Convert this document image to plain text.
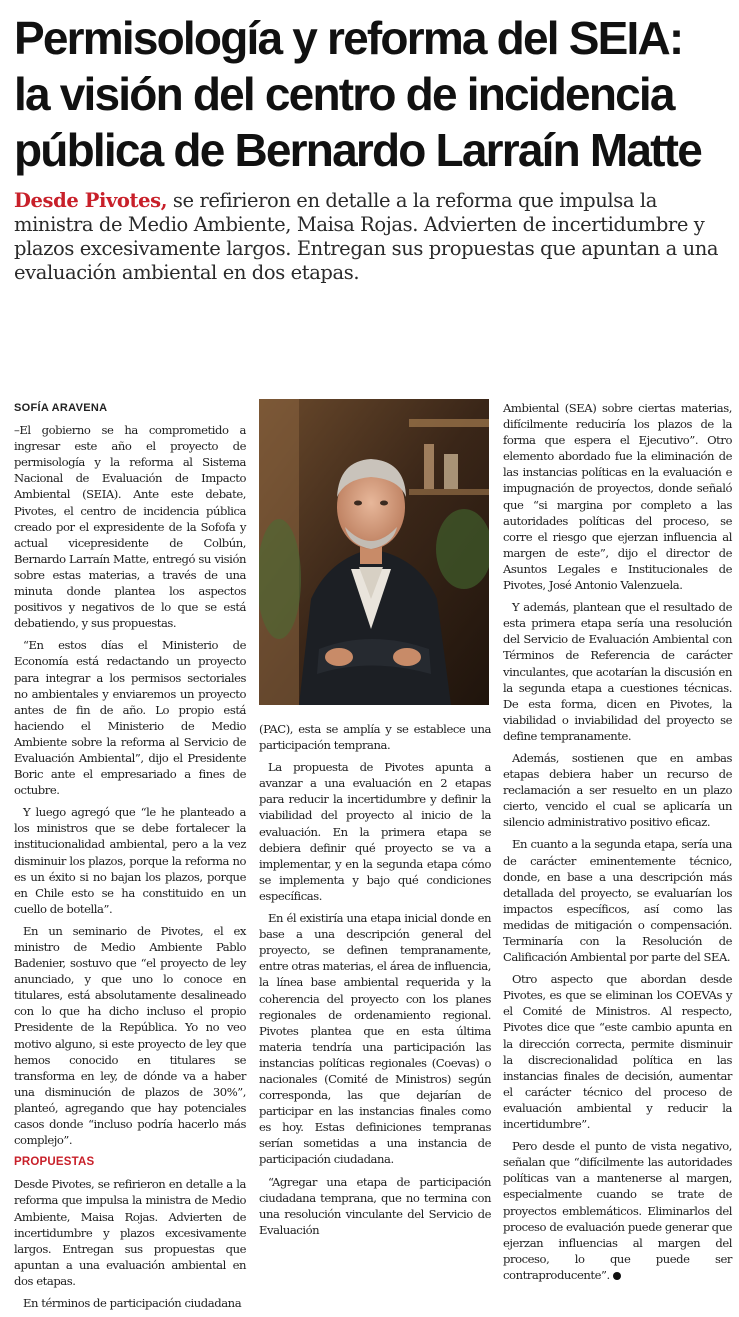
Permisología y reforma del SEIA:
la visión del centro de incidencia
pública de Bernardo Larraín Matte

Desde Pivotes, se refirieron en detalle a la reforma que impulsa la ministra de Medio Ambiente, Maisa Rojas. Advierten de incertidumbre y plazos excesivamente largos. Entregan sus propuestas que apuntan a una evaluación ambiental en dos etapas.

SOFÍA ARAVENA

–El gobierno se ha comprometido a ingresar este año el proyecto de permisología y la reforma al Sistema Nacional de Evaluación de Impacto Ambiental (SEIA). Ante este debate, Pivotes, el centro de incidencia pública creado por el expresidente de la Sofofa y actual vicepresidente de Colbún, Bernardo Larraín Matte, entregó su visión sobre estas materias, a través de una minuta donde plantea los aspectos positivos y negativos de lo que se está debatiendo, y sus propuestas.

“En estos días el Ministerio de Economía está redactando un proyecto para integrar a los permisos sectoriales no ambientales y enviaremos un proyecto antes de fin de año. Lo propio está haciendo el Ministerio de Medio Ambiente sobre la reforma al Servicio de Evaluación Ambiental”, dijo el Presidente Boric ante el empresariado a fines de octubre.

Y luego agregó que “le he planteado a los ministros que se debe fortalecer la institucionalidad ambiental, pero a la vez disminuir los plazos, porque la reforma no es un éxito si no bajan los plazos, porque en Chile esto se ha constituido en un cuello de botella”.

En un seminario de Pivotes, el ex ministro de Medio Ambiente Pablo Badenier, sostuvo que “el proyecto de ley anunciado, y que uno lo conoce en titulares, está absolutamente desalineado con lo que ha dicho incluso el propio Presidente de la República. Yo no veo motivo alguno, si este proyecto de ley que hemos conocido en titulares se transforma en ley, de dónde va a haber una disminución de plazos de 30%”, planteó, agregando que hay potenciales casos donde “incluso podría hacerlo más complejo”.

PROPUESTAS

Desde Pivotes, se refirieron en detalle a la reforma que impulsa la ministra de Medio Ambiente, Maisa Rojas. Advierten de incertidumbre y plazos excesivamente largos. Entregan sus propuestas que apuntan a una evaluación ambiental en dos etapas.

En términos de participación ciudadana

(PAC), esta se amplía y se establece una participación temprana.

La propuesta de Pivotes apunta a avanzar a una evaluación en 2 etapas para reducir la incertidumbre y definir la viabilidad del proyecto al inicio de la evaluación. En la primera etapa se debiera definir qué proyecto se va a implementar, y en la segunda etapa cómo se implementa y bajo qué condiciones específicas.

En él existiría una etapa inicial donde en base a una descripción general del proyecto, se definen tempranamente, entre otras materias, el área de influencia, la línea base ambiental requerida y la coherencia del proyecto con los planes regionales de ordenamiento regional. Pivotes plantea que en esta última materia tendría una participación las instancias políticas regionales (Coevas) o nacionales (Comité de Ministros) según corresponda, las que dejarían de participar en las instancias finales como es hoy. Estas definiciones tempranas serían sometidas a una instancia de participación ciudadana.

“Agregar una etapa de participación ciudadana temprana, que no termina con una resolución vinculante del Servicio de Evaluación

Ambiental (SEA) sobre ciertas materias, difícilmente reduciría los plazos de la forma que espera el Ejecutivo”. Otro elemento abordado fue la eliminación de las instancias políticas en la evaluación e impugnación de proyectos, donde señaló que “si margina por completo a las autoridades políticas del proceso, se corre el riesgo que ejerzan influencia al margen de este”, dijo el director de Asuntos Legales e Institucionales de Pivotes, José Antonio Valenzuela.

Y además, plantean que el resultado de esta primera etapa sería una resolución del Servicio de Evaluación Ambiental con Términos de Referencia de carácter vinculantes, que acotarían la discusión en la segunda etapa a cuestiones técnicas. De esta forma, dicen en Pivotes, la viabilidad o inviabilidad del proyecto se define tempranamente.

Además, sostienen que en ambas etapas debiera haber un recurso de reclamación a ser resuelto en un plazo cierto, vencido el cual se aplicaría un silencio administrativo positivo eficaz.

En cuanto a la segunda etapa, sería una de carácter eminentemente técnico, donde, en base a una descripción más detallada del proyecto, se evaluarían los impactos específicos, así como las medidas de mitigación o compensación. Terminaría con la Resolución de Calificación Ambiental por parte del SEA.

Otro aspecto que abordan desde Pivotes, es que se eliminan los COEVAs y el Comité de Ministros. Al respecto, Pivotes dice que “este cambio apunta en la dirección correcta, permite disminuir la discrecionalidad política en las instancias finales de decisión, aumentar el carácter técnico del proceso de evaluación ambiental y reducir la incertidumbre”.

Pero desde el punto de vista negativo, señalan que “difícilmente las autoridades políticas van a mantenerse al margen, especialmente cuando se trate de proyectos emblemáticos. Eliminarlos del proceso de evaluación puede generar que ejerzan influencias al margen del proceso, lo que puede ser contraproducente”.
